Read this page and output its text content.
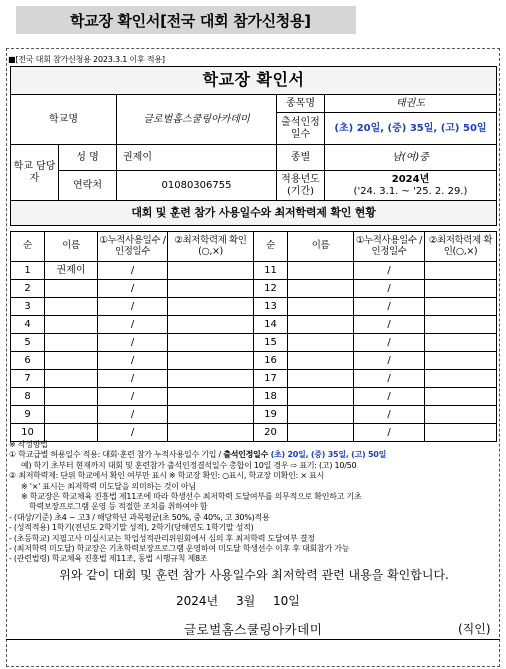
학교장 확인서[전국 대회 참가신청용]
■[전국 대회 참가신청용 2023.3.1 이후 적용]
학교장 확인서				
학교명		글로벌홈스쿨링아카데미	종목명	태권도
			출석인정 일수	(초) 20일, (중) 35일, (고) 50일

학교 담당자	성 명	권제이	종별	남(여)중
	연락처	01080306755	적용년도 (기간)	2024년
('24. 3.1. ~ '25. 2. 29.)

대회 및 훈련 참가 사용일수와 최저학력제 확인 현황				
순	이름	①누적사용일수 /인정일수	②최저학력제 확인(○,×)	순	이름	①누적사용일수 /인정일수	②최저학력제 확인(○,×)
1	권제이	/		11		/	
2		/		12		/	
3		/		13		/	
4		/		14		/	
5		/		15		/	
6		/		16		/	
7		/		17		/	
8		/		18		/	
9		/		19		/	
10		/		20		/	
※ 작성방법
① 학교급별 허용일수 적용: 대회·훈련 참가 누적사용일수 기입 / 출석인정일수 (초) 20일, (중) 35일, (고) 50일
예) 학기 초부터 현재까지 대회 및 훈련참가 출석인정결석일수 총합이 10일 경우 ⇨ 표기: (고) 10/50
② 최저학력제: 단위 학교에서 확인 여부만 표시 ※ 학교장 확인: ○표시, 학교장 미확인: × 표시
※ '×' 표시는 최저학력 미도달을 의미하는 것이 아님
※ 학교장은 학교체육 진흥법 제11조에 따라 학생선수 최저학력 도달여부를 의무적으로 확인하고 기초
학력보장프로그램 운영 등 적절한 조치를 취하여야 함
- (대상/기준) 초4 ~ 고3 / 해당학년 과목평균(초 50%, 중 40%, 고 30%)적용
- (성적적용) 1학기(전년도 2학기말 성적), 2학기(당해연도 1학기말 성적)
- (초등학교) 지필고사 미실시교는 학업성적관리위원회에서 심의 후 최저학력 도달여부 결정
- (최저학력 미도달) 학교장은 기초학력보장프로그램 운영하여 미도달 학생선수 이후 후 대회참가 가능
- (관련법령) 학교체육 진흥법 제11조, 동법 시행규칙 제8조
위와 같이 대회 및 훈련 참가 사용일수와 최저학력 관련 내용을 확인합니다.
2024년 3월 10일
글로벌홈스쿨링아카데미	(직인)
